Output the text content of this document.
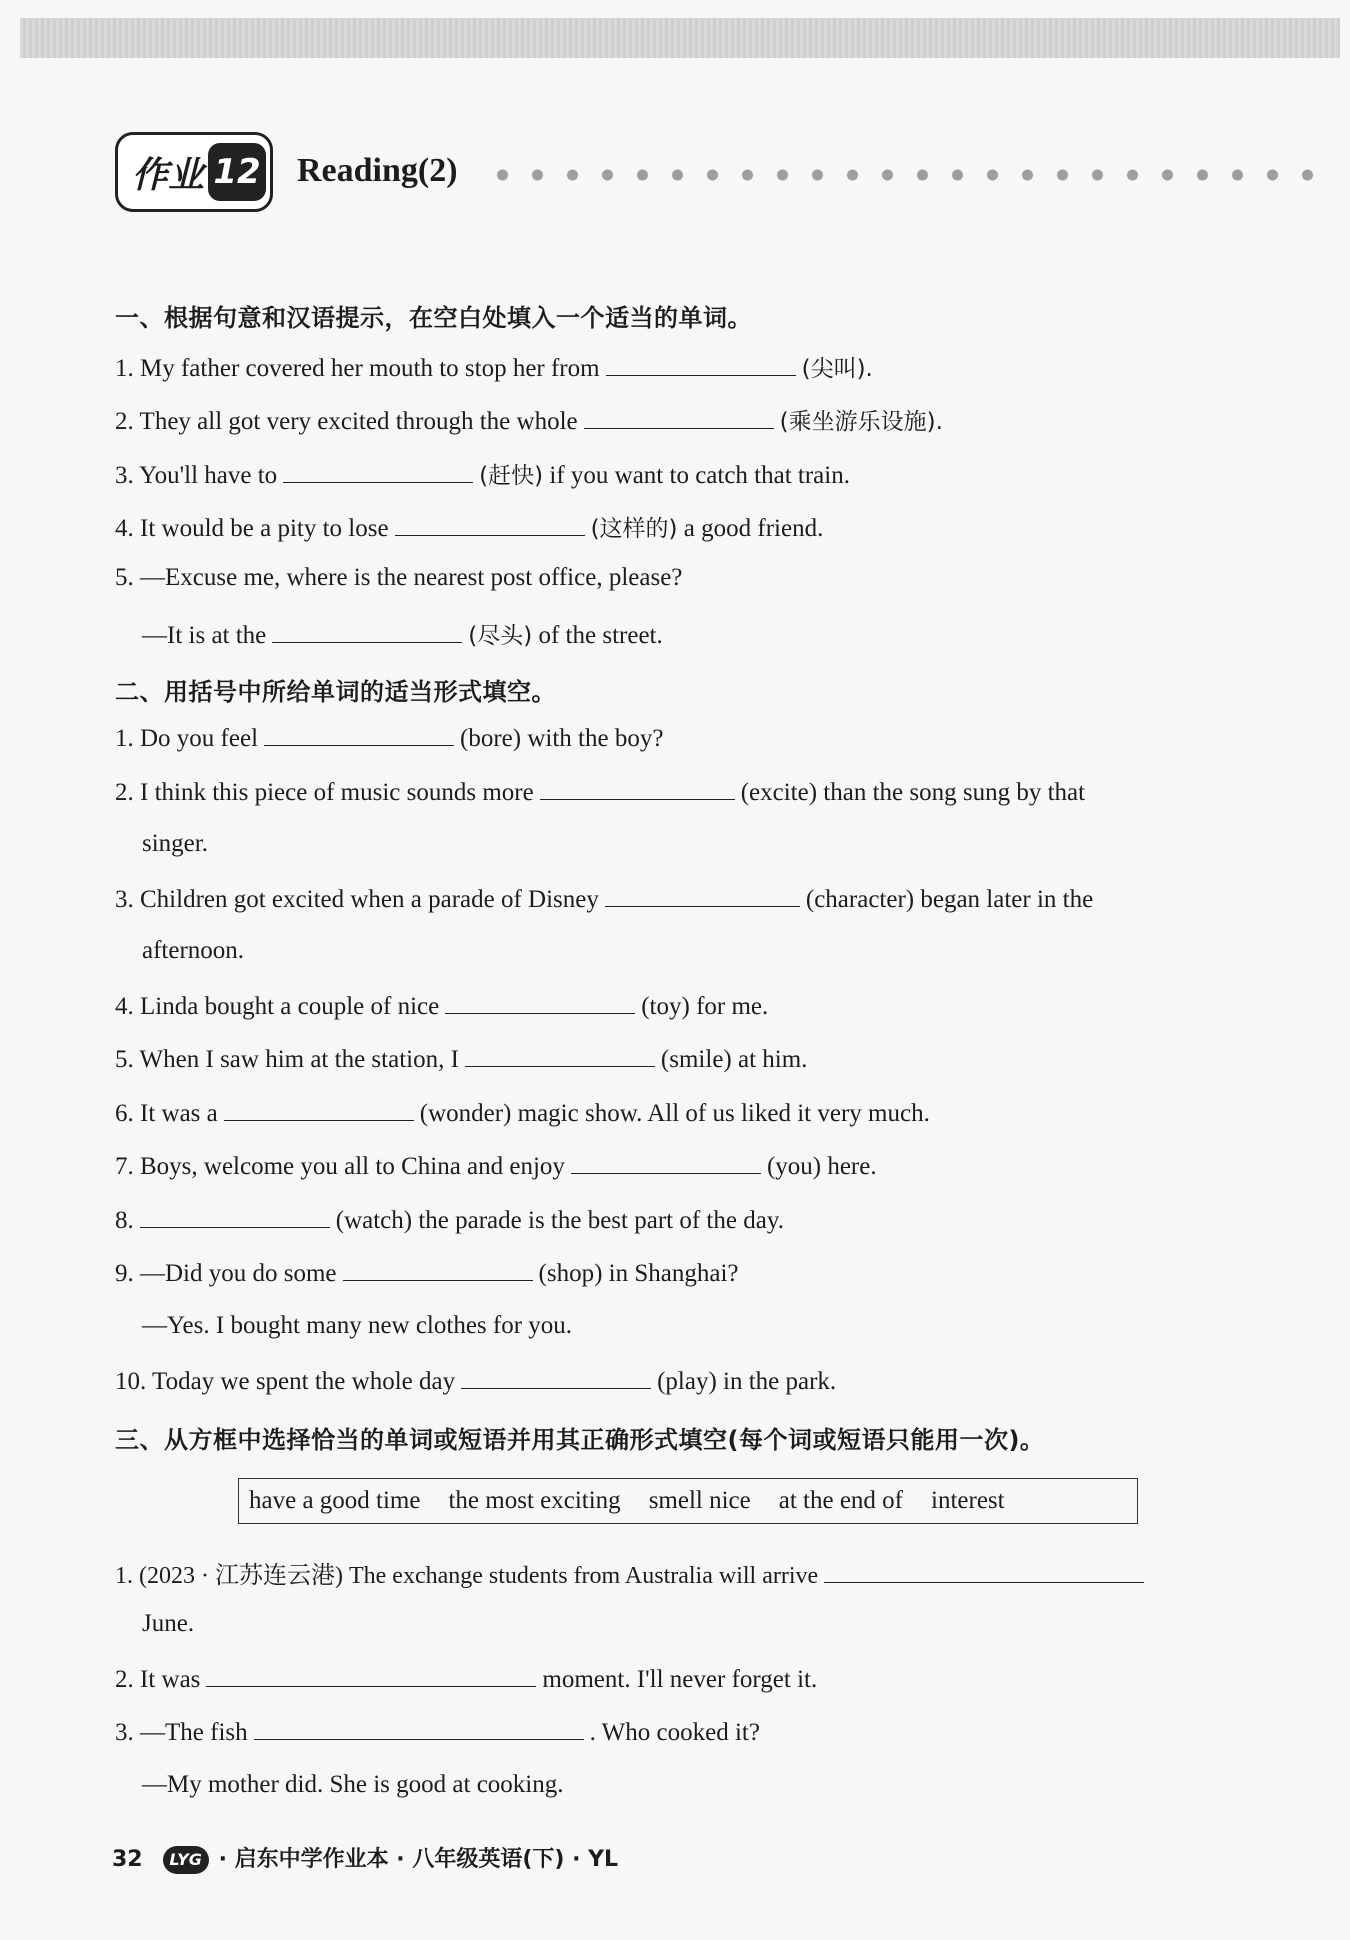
作业 12 Reading(2)
一、根据句意和汉语提示，在空白处填入一个适当的单词。
1. My father covered her mouth to stop her from	(尖叫).
2. They all got very excited through the whole	(乘坐游乐设施).
3. You'll have to	(赶快) if you want to catch that train.
4. It would be a pity to lose	(这样的) a good friend.
5. —Excuse me, where is the nearest post office, please?
—It is at the	(尽头) of the street.
二、用括号中所给单词的适当形式填空。
1. Do you feel	(bore) with the boy?
2. I think this piece of music sounds more	(excite) than the song sung by that
singer.
3. Children got excited when a parade of Disney	(character) began later in the
afternoon.
4. Linda bought a couple of nice	(toy) for me.
5. When I saw him at the station, I	(smile) at him.
6. It was a	(wonder) magic show. All of us liked it very much.
7. Boys, welcome you all to China and enjoy	(you) here.
8.	(watch) the parade is the best part of the day.
9. —Did you do some	(shop) in Shanghai?
—Yes. I bought many new clothes for you.
10. Today we spent the whole day	(play) in the park.
三、从方框中选择恰当的单词或短语并用其正确形式填空(每个词或短语只能用一次)。
have a good time the most exciting smell nice at the end of interest
1. (2023 · 江苏连云港) The exchange students from Australia will arrive
June.
2. It was	moment. I'll never forget it.
3. —The fish	. Who cooked it?
—My mother did. She is good at cooking.
32 LYG · 启东中学作业本 · 八年级英语(下) · YL
